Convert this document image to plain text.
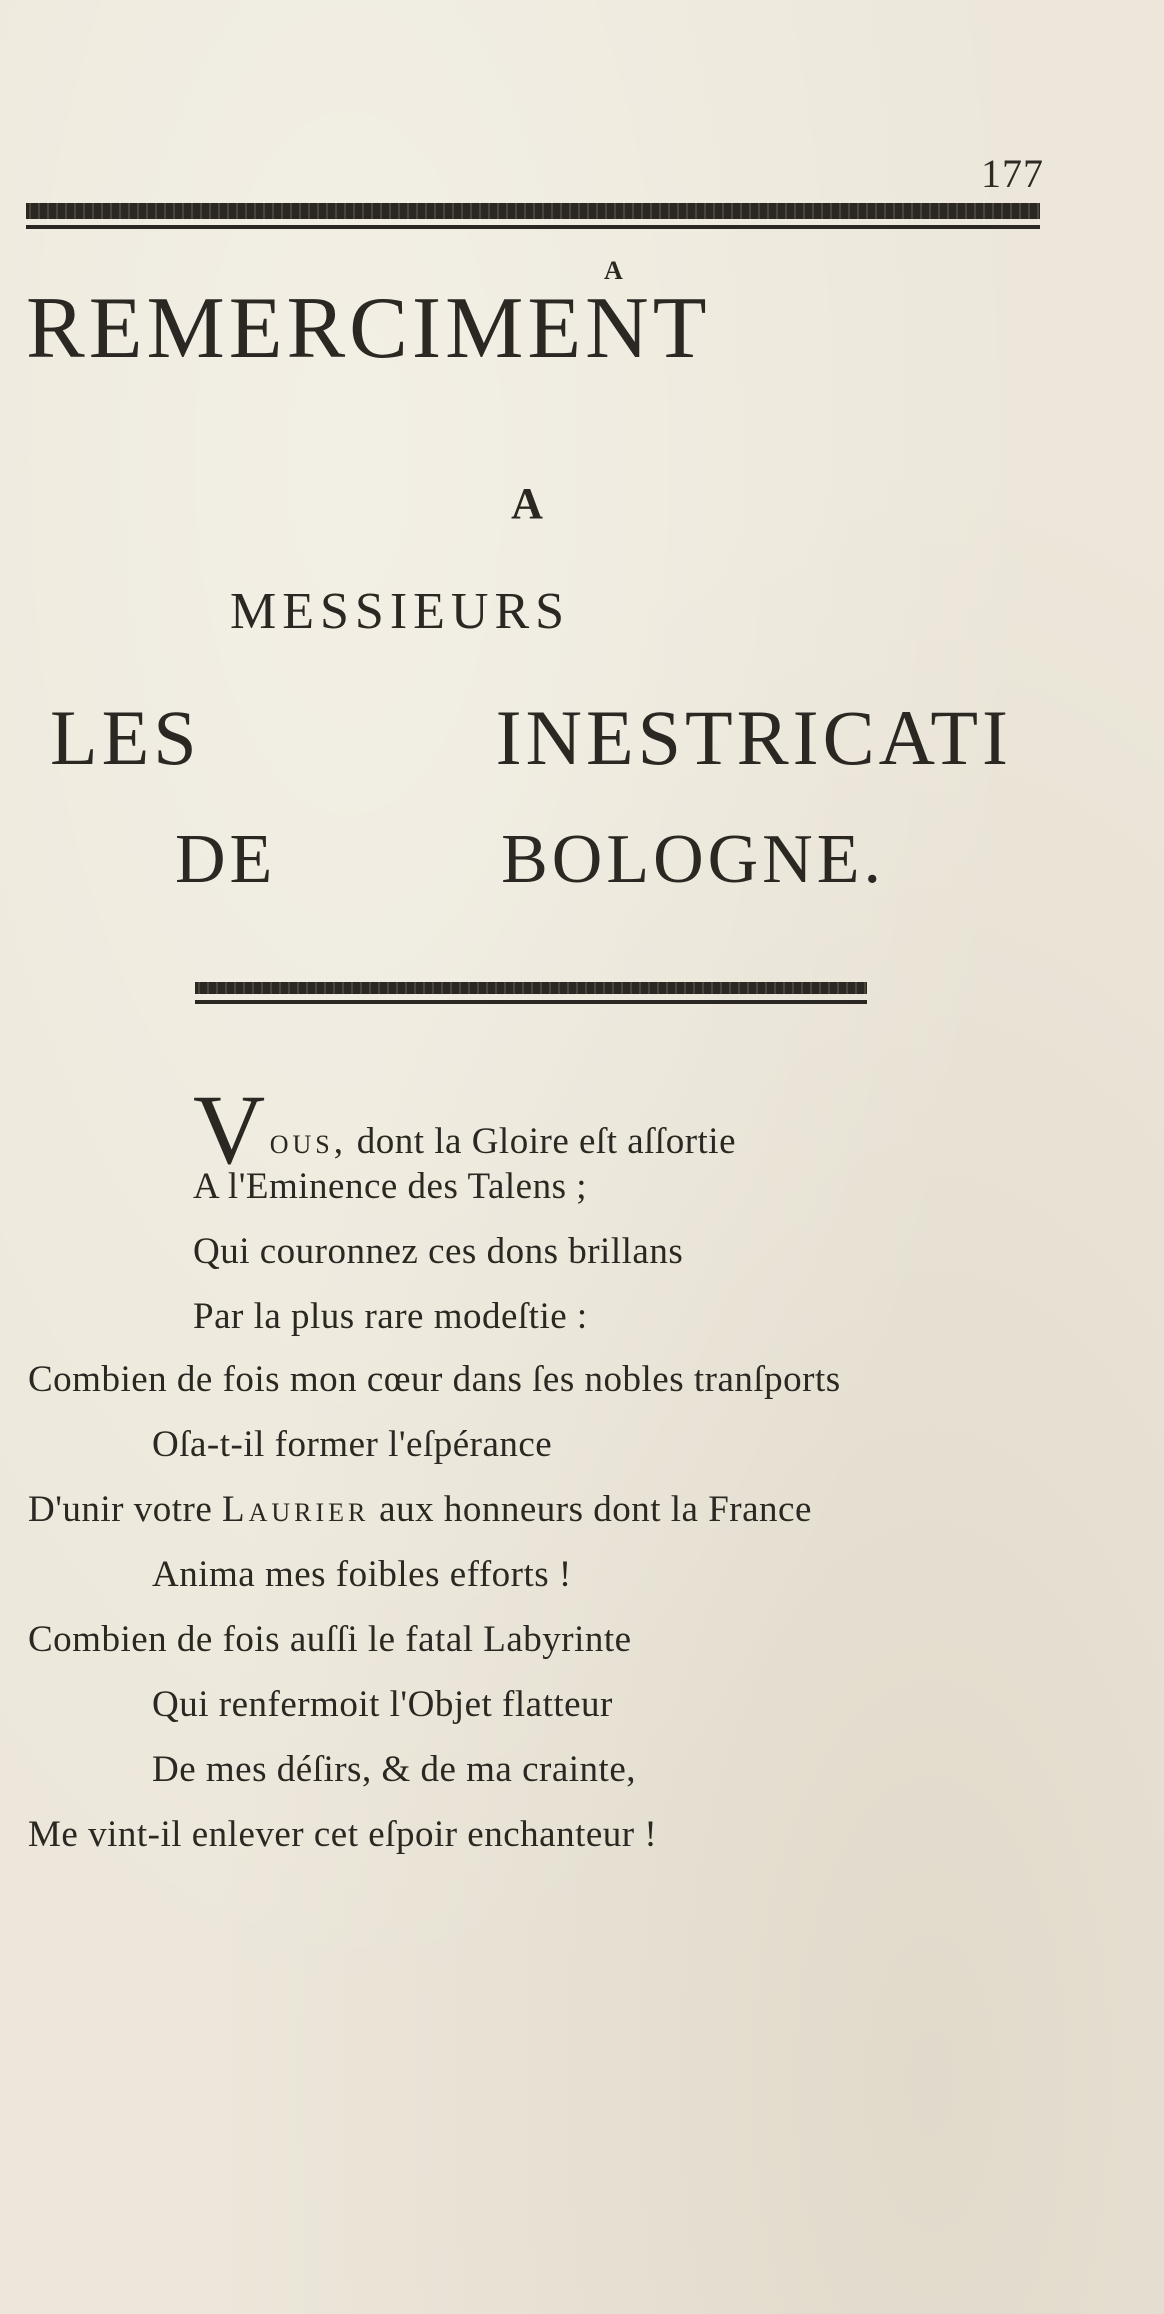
177
A
REMERCIMENT
A
MESSIEURS
LES INESTRICATI
DE BOLOGNE.
Vous, dont la Gloire eſt aſſortie
A l'Eminence des Talens ;
Qui couronnez ces dons brillans
Par la plus rare modeſtie :
Combien de fois mon cœur dans ſes nobles tranſports
Oſa-t-il former l'eſpérance
D'unir votre Laurier aux honneurs dont la France
Anima mes foibles efforts !
Combien de fois auſſi le fatal Labyrinte
Qui renfermoit l'Objet flatteur
De mes déſirs, & de ma crainte,
Me vint-il enlever cet eſpoir enchanteur !
